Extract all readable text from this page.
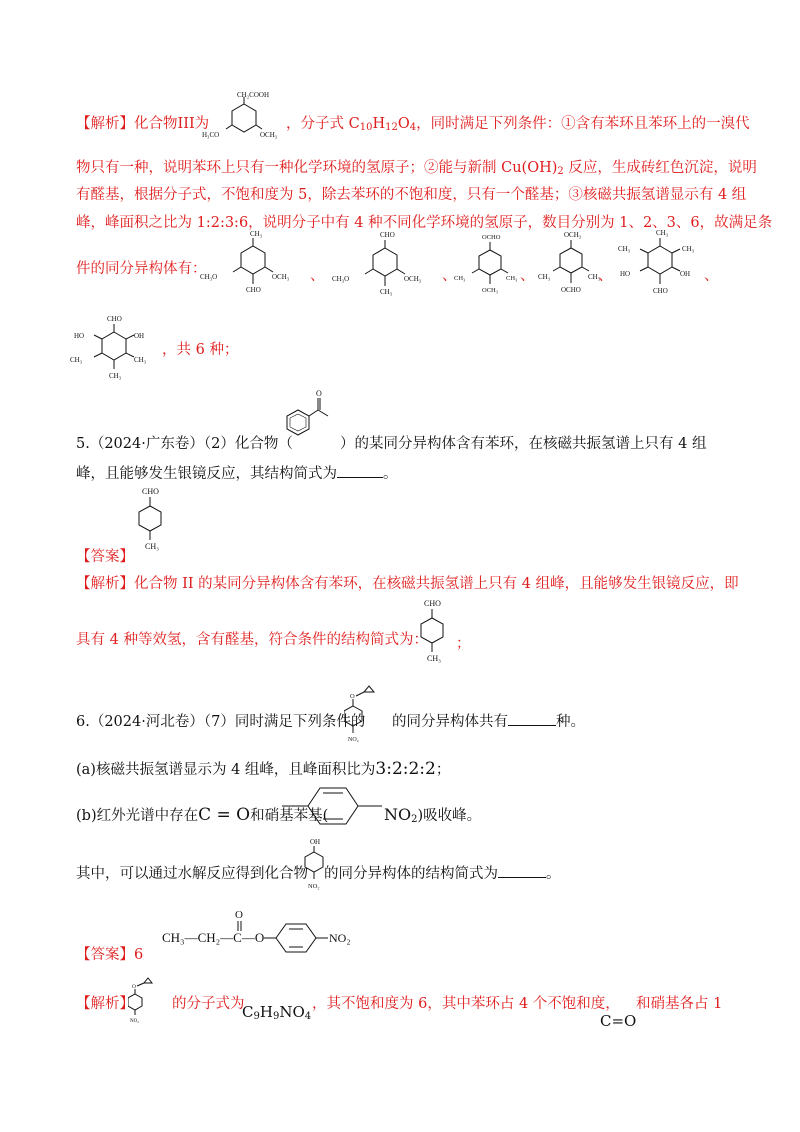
【解析】化合物III为
CH₂COOH
H₃CO	OCH₃
，分子式 $C_{10}H_{12}O_4$，同时满足下列条件：①含有苯环且苯环上的一溴代
物只有一种，说明苯环上只有一种化学环境的氢原子；②能与新制 $Cu(OH)_2$ 反应，生成砖红色沉淀，说明
有醛基，根据分子式，不饱和度为 5，除去苯环的不饱和度，只有一个醛基；③核磁共振氢谱显示有 4 组
峰，峰面积之比为 1:2:3:6，说明分子中有 4 种不同化学环境的氢原子，数目分别为 1、2、3、6，故满足条
件的同分异构体有：
CH₃
CH₃O	OCH₃
CHO
、
CHO
CH₃O	OCH₃
CH₃
、
OCHO
CH₃	CH₃
OCH₃
、
OCH₃
CH₃	CH₃
OCHO
、
CH₃
CH₃	CH₃
HO	OH
CHO
、
CHO
HO	OH
CH₃	CH₃
CH₃
，共 6 种；
5.（2024·广东卷）（2）化合物（
O
）的某同分异构体含有苯环，在核磁共振氢谱上只有 4 组
峰，且能够发生银镜反应，其结构简式为	。
CHO
CH₃
【答案】
【解析】化合物 II 的某同分异构体含有苯环，在核磁共振氢谱上只有 4 组峰，且能够发生银镜反应，即
具有 4 种等效氢，含有醛基，符合条件的结构简式为：
CHO
CH₃
；
6.（2024·河北卷）（7）同时满足下列条件的
O
NO₂
的同分异构体共有	种。
(a)核磁共振氢谱显示为 4 组峰，且峰面积比为3:2:2:2；
(b)红外光谱中存在C = O和硝基苯基(	$NO_2$)吸收峰。
其中，可以通过水解反应得到化合物
OH
NO₂
的同分异构体的结构简式为	。
CH₃—CH₂—C—O
O
NO₂
【答案】6
【解析】
O
NO₂
的分子式为
$C_9H_9NO_4$
，其不饱和度为 6，其中苯环占 4 个不饱和度，
C=O
和硝基各占 1
